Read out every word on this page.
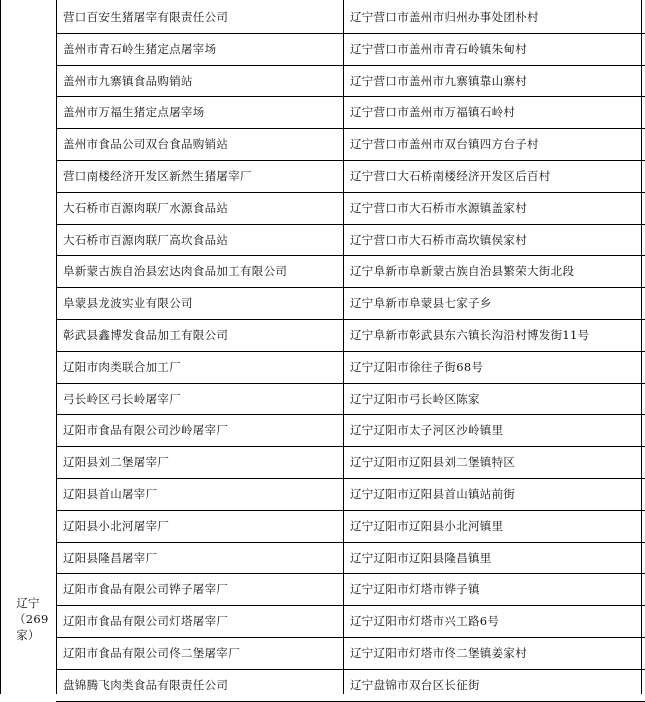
营口百安生猪屠宰有限责任公司	辽宁营口市盖州市归州办事处团朴村
盖州市青石岭生猪定点屠宰场	辽宁营口市盖州市青石岭镇朱甸村
盖州市九寨镇食品购销站	辽宁营口市盖州市九寨镇靠山寨村
盖州市万福生猪定点屠宰场	辽宁营口市盖州市万福镇石岭村
盖州市食品公司双台食品购销站	辽宁营口市盖州市双台镇四方台子村
营口南楼经济开发区新然生猪屠宰厂	辽宁营口大石桥南楼经济开发区后百村
大石桥市百源肉联厂水源食品站	辽宁营口市大石桥市水源镇盖家村
大石桥市百源肉联厂高坎食品站	辽宁营口市大石桥市高坎镇侯家村
阜新蒙古族自治县宏达肉食品加工有限公司	辽宁阜新市阜新蒙古族自治县繁荣大街北段
阜蒙县龙波实业有限公司	辽宁阜新市阜蒙县七家子乡
彰武县鑫博发食品加工有限公司	辽宁阜新市彰武县东六镇长沟沿村博发街11号
辽阳市肉类联合加工厂	辽宁辽阳市徐往子街68号
弓长岭区弓长岭屠宰厂	辽宁辽阳市弓长岭区陈家
辽阳市食品有限公司沙岭屠宰厂	辽宁辽阳市太子河区沙岭镇里
辽阳县刘二堡屠宰厂	辽宁辽阳市辽阳县刘二堡镇特区
辽阳县首山屠宰厂	辽宁辽阳市辽阳县首山镇站前街
辽阳县小北河屠宰厂	辽宁辽阳市辽阳县小北河镇里
辽阳县隆昌屠宰厂	辽宁辽阳市辽阳县隆昌镇里
辽阳市食品有限公司铧子屠宰厂	辽宁辽阳市灯塔市铧子镇
辽阳市食品有限公司灯塔屠宰厂	辽宁辽阳市灯塔市兴工路6号
辽阳市食品有限公司佟二堡屠宰厂	辽宁辽阳市灯塔市佟二堡镇姜家村
盘锦腾飞肉类食品有限责任公司	辽宁盘锦市双台区长征街
辽宁
（269家）
